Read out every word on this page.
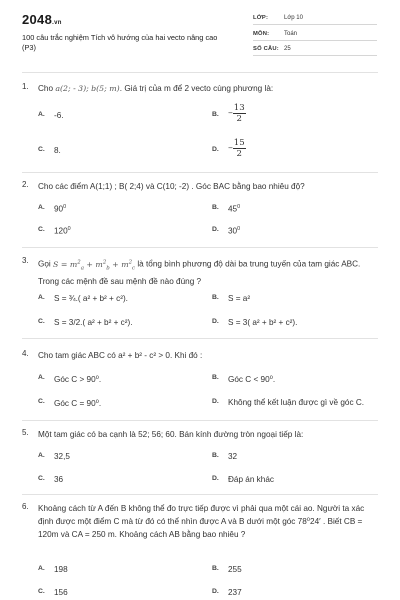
2048.vn
100 câu trắc nghiệm Tích vô hướng của hai vecto nâng cao (P3)
LỚP:	Lớp 10
MÔN: Toán
SỐ CÂU: 25
1. Cho a(2; - 3); b(5; m). Giá trị của m để 2 vecto cùng phương là:
A. -6.	B. − $\frac{13}{2}$
C. 8.	D. − $\frac{15}{2}$
2. Cho các điểm A(1;1) ; B( 2;4) và C(10; -2) . Góc BAC bằng bao nhiêu độ?
A. $90^0$	B. $45^0$
C. $120^0$	D. $30^0$
3. Gọi $S = m^2_a + m^2_b + m^2_c$ là tổng bình phương độ dài ba trung tuyến của tam giác ABC. Trong các mệnh đề sau mệnh đề nào đúng ?
A. S = ¾.( a² + b² + c²).	B. S = a²
C. S = 3/2.( a² + b² + c²).	D. S = 3( a² + b² + c²).
4. Cho tam giác ABC có a² + b² - c² > 0. Khi đó :
A. Góc C > 90⁰.	B. Góc C < 90⁰.
C. Góc C = 90⁰.	D. Không thể kết luận được gì về góc C.
5. Một tam giác có ba cạnh là 52; 56; 60. Bán kính đường tròn ngoại tiếp là:
A. 32,5	B. 32
C. 36	D. Đáp án khác
6. Khoảng cách từ A đến B không thể đo trực tiếp được vì phải qua một cái ao. Người ta xác định được một điểm C mà từ đó có thể nhìn được A và B dưới một góc 78⁰24′ . Biết CB = 120m và CA = 250 m. Khoảng cách AB bằng bao nhiêu ?
A. 198	B. 255
C. 156	D. 237
